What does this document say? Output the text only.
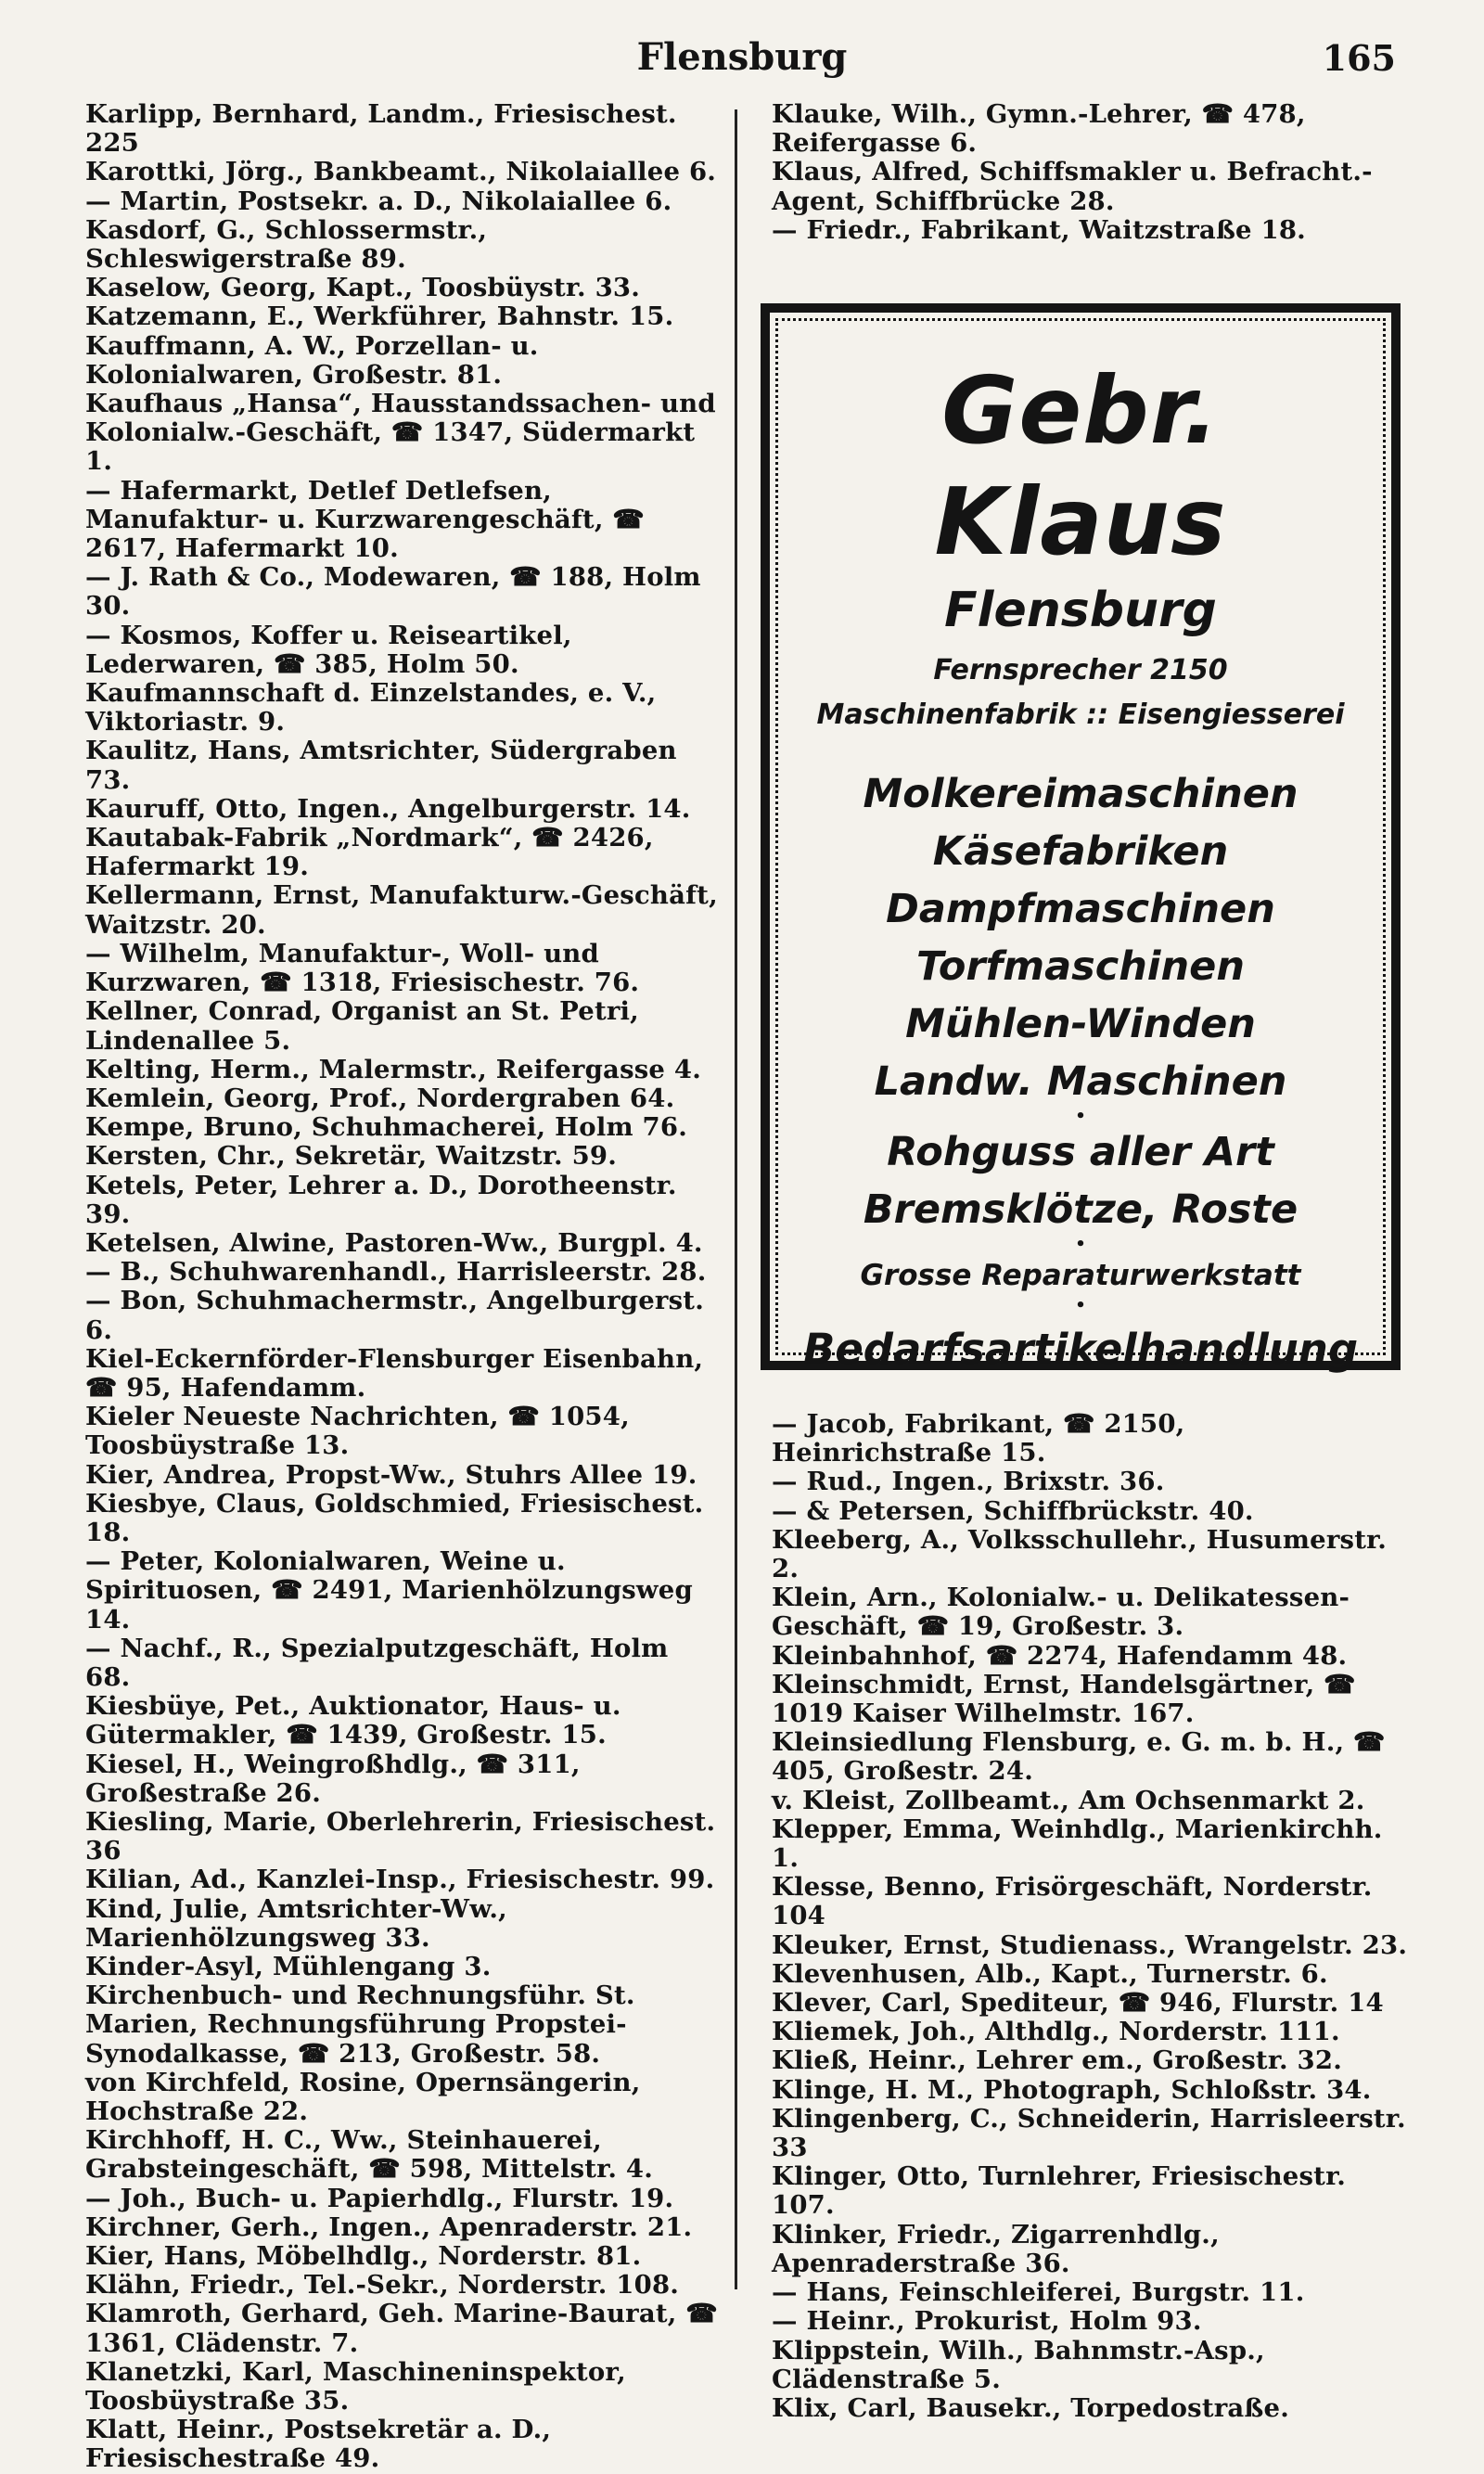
Flensburg	165

Karlipp, Bernhard, Landm., Friesischest. 225

Karottki, Jörg., Bankbeamt., Nikolaiallee 6.

— Martin, Postsekr. a. D., Nikolaiallee 6.

Kasdorf, G., Schlossermstr., Schleswigerstraße 89.

Kaselow, Georg, Kapt., Toosbüystr. 33.

Katzemann, E., Werkführer, Bahnstr. 15.

Kauffmann, A. W., Porzellan- u. Kolonialwaren, Großestr. 81.

Kaufhaus „Hansa“, Hausstandssachen- und Kolonialw.-Geschäft, ☎ 1347, Südermarkt 1.

— Hafermarkt, Detlef Detlefsen, Manufaktur- u. Kurzwarengeschäft, ☎ 2617, Hafermarkt 10.

— J. Rath & Co., Modewaren, ☎ 188, Holm 30.

— Kosmos, Koffer u. Reiseartikel, Lederwaren, ☎ 385, Holm 50.

Kaufmannschaft d. Einzelstandes, e. V., Viktoriastr. 9.

Kaulitz, Hans, Amtsrichter, Südergraben 73.

Kauruff, Otto, Ingen., Angelburgerstr. 14.

Kautabak-Fabrik „Nordmark“, ☎ 2426, Hafermarkt 19.

Kellermann, Ernst, Manufakturw.-Geschäft, Waitzstr. 20.

— Wilhelm, Manufaktur-, Woll- und Kurzwaren, ☎ 1318, Friesischestr. 76.

Kellner, Conrad, Organist an St. Petri, Lindenallee 5.

Kelting, Herm., Malermstr., Reifergasse 4.

Kemlein, Georg, Prof., Nordergraben 64.

Kempe, Bruno, Schuhmacherei, Holm 76.

Kersten, Chr., Sekretär, Waitzstr. 59.

Ketels, Peter, Lehrer a. D., Dorotheenstr. 39.

Ketelsen, Alwine, Pastoren-Ww., Burgpl. 4.

— B., Schuhwarenhandl., Harrisleerstr. 28.

— Bon, Schuhmachermstr., Angelburgerst. 6.

Kiel-Eckernförder-Flensburger Eisenbahn, ☎ 95, Hafendamm.

Kieler Neueste Nachrichten, ☎ 1054, Toosbüystraße 13.

Kier, Andrea, Propst-Ww., Stuhrs Allee 19.

Kiesbye, Claus, Goldschmied, Friesischest. 18.

— Peter, Kolonialwaren, Weine u. Spirituosen, ☎ 2491, Marienhölzungsweg 14.

— Nachf., R., Spezialputzgeschäft, Holm 68.

Kiesbüye, Pet., Auktionator, Haus- u. Gütermakler, ☎ 1439, Großestr. 15.

Kiesel, H., Weingroßhdlg., ☎ 311, Großestraße 26.

Kiesling, Marie, Oberlehrerin, Friesischest. 36

Kilian, Ad., Kanzlei-Insp., Friesischestr. 99.

Kind, Julie, Amtsrichter-Ww., Marienhölzungsweg 33.

Kinder-Asyl, Mühlengang 3.

Kirchenbuch- und Rechnungsführ. St. Marien, Rechnungsführung Propstei-Synodalkasse, ☎ 213, Großestr. 58.

von Kirchfeld, Rosine, Opernsängerin, Hochstraße 22.

Kirchhoff, H. C., Ww., Steinhauerei, Grabsteingeschäft, ☎ 598, Mittelstr. 4.

— Joh., Buch- u. Papierhdlg., Flurstr. 19.

Kirchner, Gerh., Ingen., Apenraderstr. 21.

Kier, Hans, Möbelhdlg., Norderstr. 81.

Klähn, Friedr., Tel.-Sekr., Norderstr. 108.

Klamroth, Gerhard, Geh. Marine-Baurat, ☎ 1361, Clädenstr. 7.

Klanetzki, Karl, Maschineninspektor, Toosbüystraße 35.

Klatt, Heinr., Postsekretär a. D., Friesischestraße 49.

Klauke, Wilh., Gymn.-Lehrer, ☎ 478, Reifergasse 6.

Klaus, Alfred, Schiffsmakler u. Befracht.-Agent, Schiffbrücke 28.

— Friedr., Fabrikant, Waitzstraße 18.

Gebr. Klaus
Flensburg
Fernsprecher 2150
Maschinenfabrik :: Eisengiesserei
Molkereimaschinen
Käsefabriken
Dampfmaschinen
Torfmaschinen
Mühlen-Winden
Landw. Maschinen
•
Rohguss aller Art
Bremsklötze, Roste
•
Grosse Reparaturwerkstatt
•
Bedarfsartikelhandlung

— Jacob, Fabrikant, ☎ 2150, Heinrichstraße 15.

— Rud., Ingen., Brixstr. 36.

— & Petersen, Schiffbrückstr. 40.

Kleeberg, A., Volksschullehr., Husumerstr. 2.

Klein, Arn., Kolonialw.- u. Delikatessen-Geschäft, ☎ 19, Großestr. 3.

Kleinbahnhof, ☎ 2274, Hafendamm 48.

Kleinschmidt, Ernst, Handelsgärtner, ☎ 1019 Kaiser Wilhelmstr. 167.

Kleinsiedlung Flensburg, e. G. m. b. H., ☎ 405, Großestr. 24.

v. Kleist, Zollbeamt., Am Ochsenmarkt 2.

Klepper, Emma, Weinhdlg., Marienkirchh. 1.

Klesse, Benno, Frisörgeschäft, Norderstr. 104

Kleuker, Ernst, Studienass., Wrangelstr. 23.

Klevenhusen, Alb., Kapt., Turnerstr. 6.

Klever, Carl, Spediteur, ☎ 946, Flurstr. 14

Kliemek, Joh., Althdlg., Norderstr. 111.

Kließ, Heinr., Lehrer em., Großestr. 32.

Klinge, H. M., Photograph, Schloßstr. 34.

Klingenberg, C., Schneiderin, Harrisleerstr. 33

Klinger, Otto, Turnlehrer, Friesischestr. 107.

Klinker, Friedr., Zigarrenhdlg., Apenraderstraße 36.

— Hans, Feinschleiferei, Burgstr. 11.

— Heinr., Prokurist, Holm 93.

Klippstein, Wilh., Bahnmstr.-Asp., Clädenstraße 5.

Klix, Carl, Bausekr., Torpedostraße.
